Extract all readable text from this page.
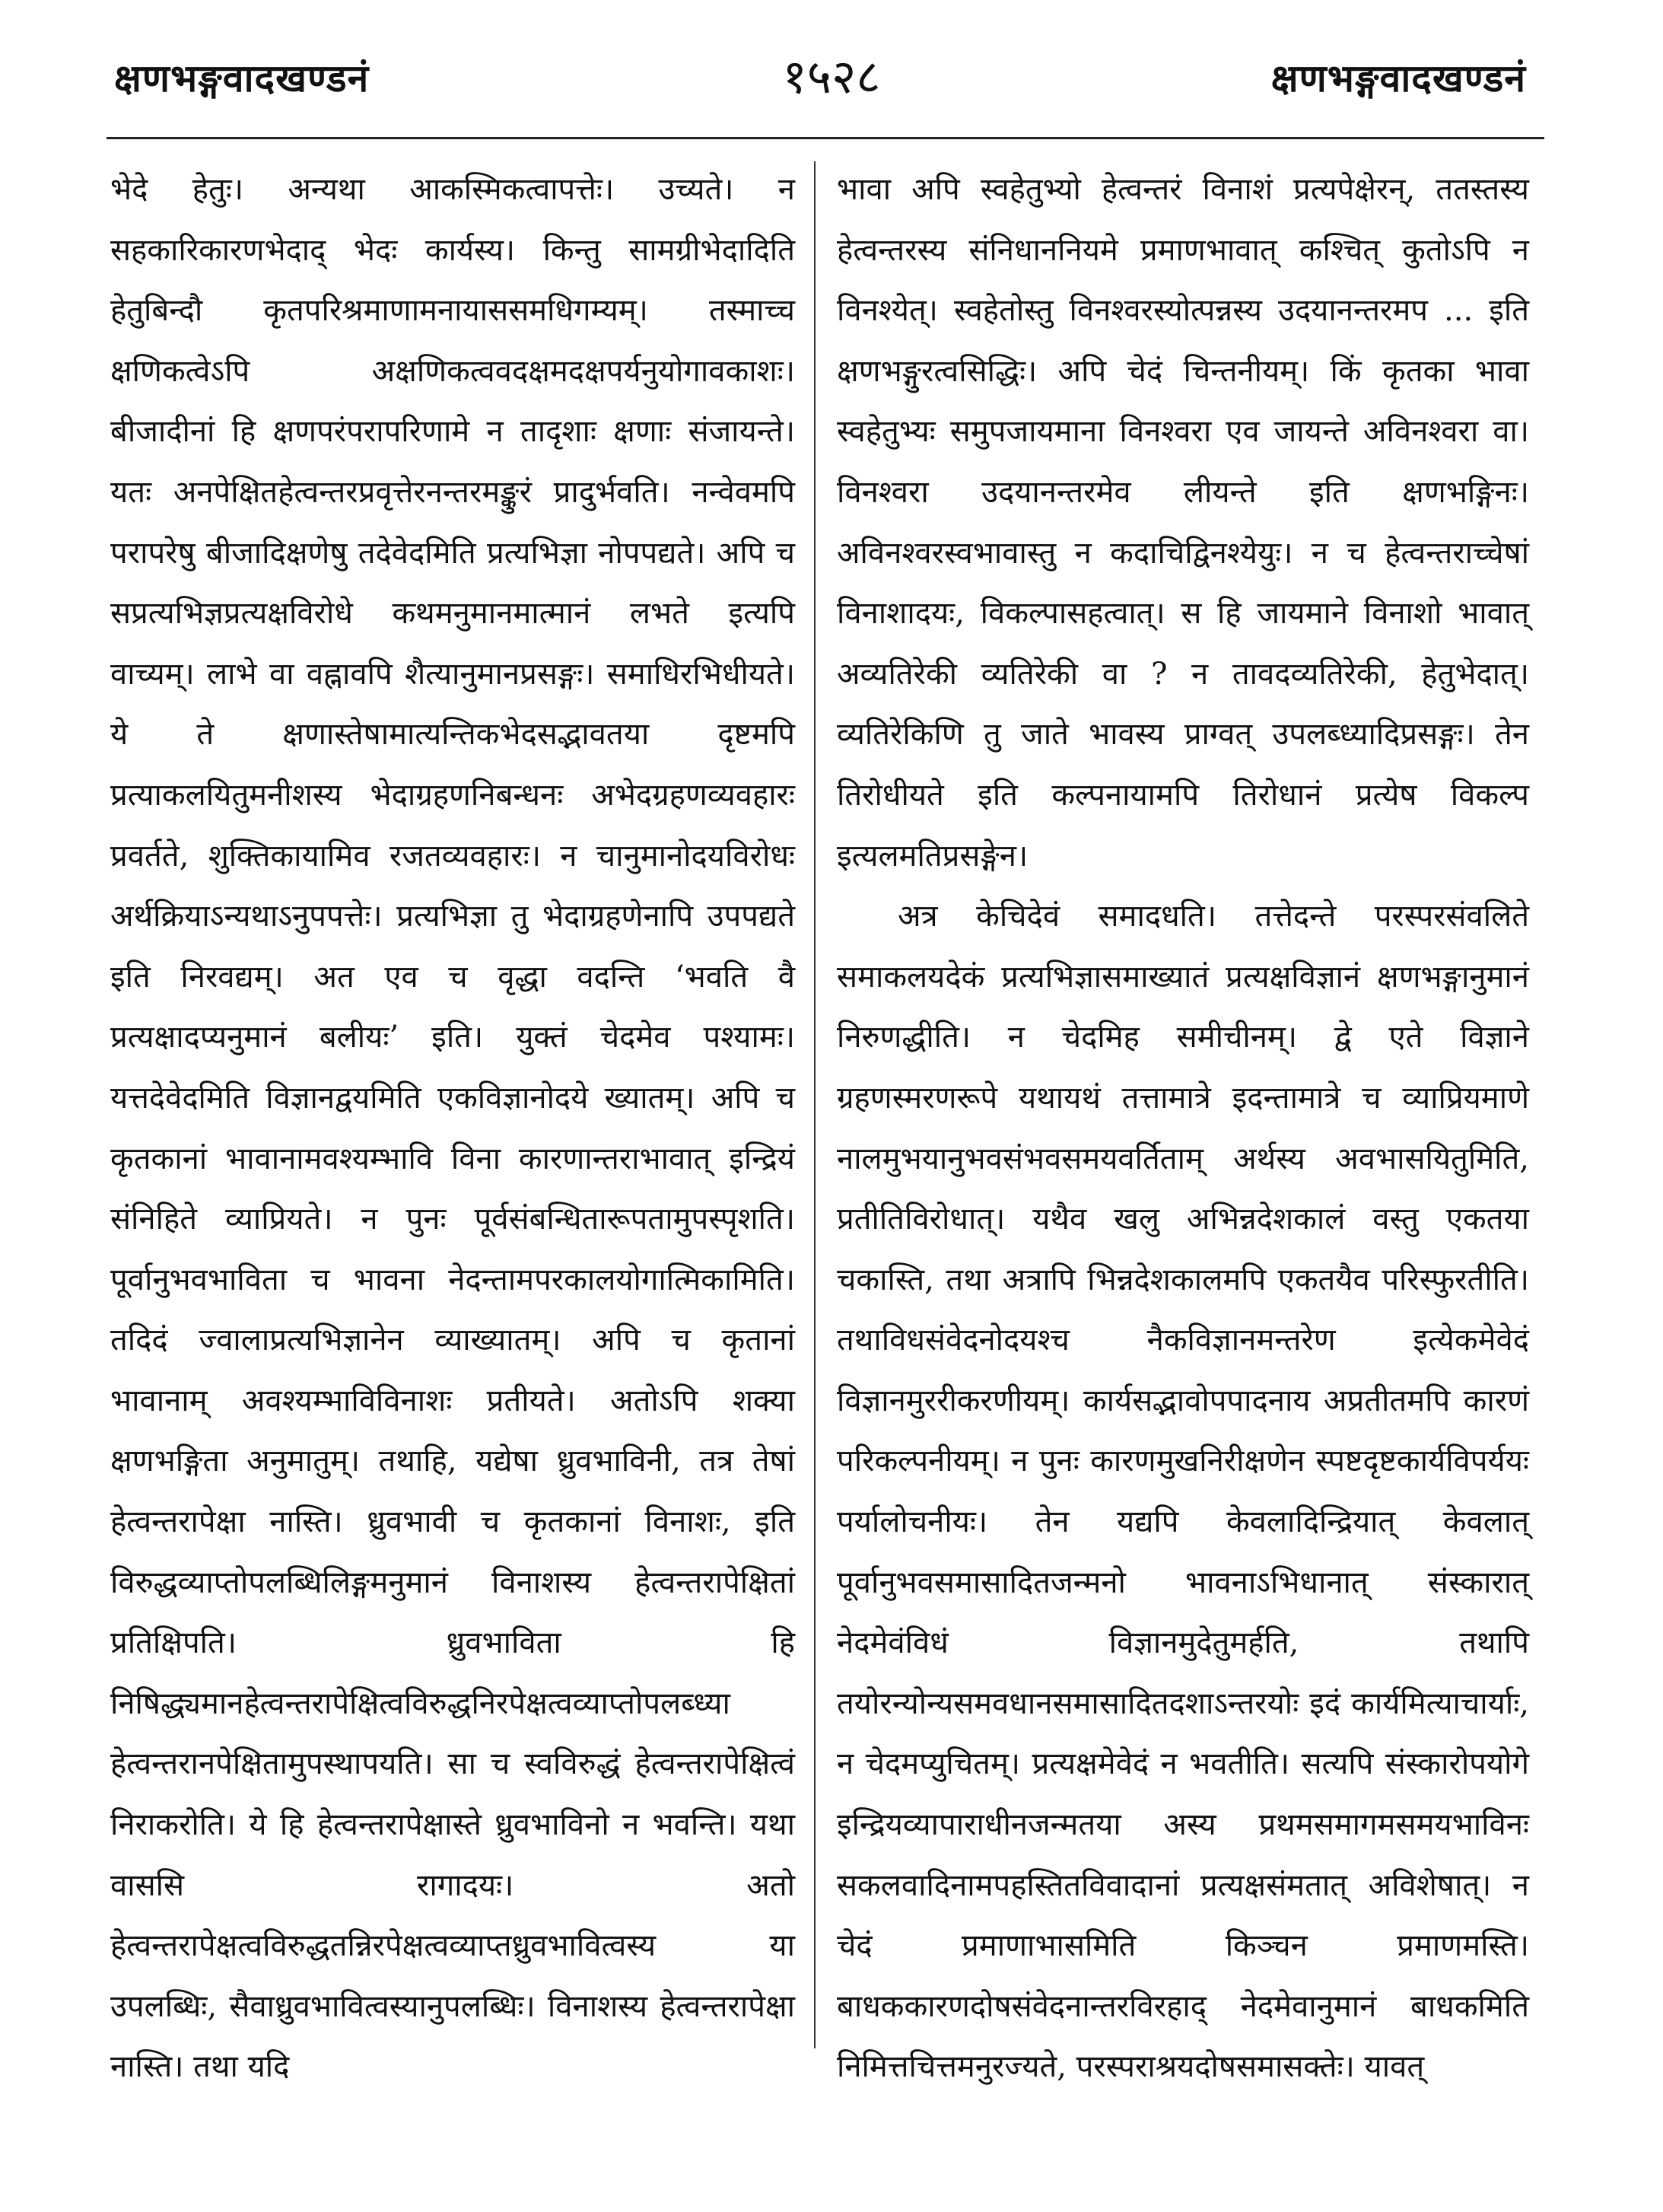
क्षणभङ्गवादखण्डनं	१५२८	क्षणभङ्गवादखण्डनं

भेदे हेतुः। अन्यथा आकस्मिकत्वापत्तेः। उच्यते। न सहकारिकारणभेदाद् भेदः कार्यस्य। किन्तु सामग्रीभेदादिति हेतुबिन्दौ कृतपरिश्रमाणामनायाससमधिगम्यम्। तस्माच्च क्षणिकत्वेऽपि अक्षणिकत्ववदक्षमदक्षपर्यनुयोगावकाशः। बीजादीनां हि क्षणपरंपरापरिणामे न तादृशाः क्षणाः संजायन्ते। यतः अनपेक्षितहेत्वन्तरप्रवृत्तेरनन्तरमङ्कुरं प्रादुर्भवति। नन्वेवमपि परापरेषु बीजादिक्षणेषु तदेवेदमिति प्रत्यभिज्ञा नोपपद्यते। अपि च सप्रत्यभिज्ञप्रत्यक्षविरोधे कथमनुमानमात्मानं लभते इत्यपि वाच्यम्। लाभे वा वह्नावपि शैत्यानुमानप्रसङ्गः। समाधिरभिधीयते। ये ते क्षणास्तेषामात्यन्तिकभेदसद्भावतया दृष्टमपि प्रत्याकलयितुमनीशस्य भेदाग्रहणनिबन्धनः अभेदग्रहणव्यवहारः प्रवर्तते, शुक्तिकायामिव रजतव्यवहारः। न चानुमानोदयविरोधः अर्थक्रियाऽन्यथाऽनुपपत्तेः। प्रत्यभिज्ञा तु भेदाग्रहणेनापि उपपद्यते इति निरवद्यम्। अत एव च वृद्धा वदन्ति ‘भवति वै प्रत्यक्षादप्यनुमानं बलीयः’ इति। युक्तं चेदमेव पश्यामः। यत्तदेवेदमिति विज्ञानद्वयमिति एकविज्ञानोदये ख्यातम्। अपि च कृतकानां भावानामवश्यम्भावि विना कारणान्तराभावात् इन्द्रियं संनिहिते व्याप्रियते। न पुनः पूर्वसंबन्धितारूपतामुपस्पृशति। पूर्वानुभवभाविता च भावना नेदन्तामपरकालयोगात्मिकामिति। तदिदं ज्वालाप्रत्यभिज्ञानेन व्याख्यातम्। अपि च कृतानां भावानाम् अवश्यम्भाविविनाशः प्रतीयते। अतोऽपि शक्या क्षणभङ्गिता अनुमातुम्। तथाहि, यद्येषा ध्रुवभाविनी, तत्र तेषां हेत्वन्तरापेक्षा नास्ति। ध्रुवभावी च कृतकानां विनाशः, इति विरुद्धव्याप्तोपलब्धिलिङ्गमनुमानं विनाशस्य हेत्वन्तरापेक्षितां प्रतिक्षिपति। ध्रुवभाविता हि निषिद्ध्यमानहेत्वन्तरापेक्षित्वविरुद्धनिरपेक्षत्वव्याप्तोपलब्ध्या हेत्वन्तरानपेक्षितामुपस्थापयति। सा च स्वविरुद्धं हेत्वन्तरापेक्षित्वं निराकरोति। ये हि हेत्वन्तरापेक्षास्ते ध्रुवभाविनो न भवन्ति। यथा वाससि रागादयः। अतो हेत्वन्तरापेक्षत्वविरुद्धतन्निरपेक्षत्वव्याप्तध्रुवभावित्वस्य या उपलब्धिः, सैवाध्रुवभावित्वस्यानुपलब्धिः। विनाशस्य हेत्वन्तरापेक्षा नास्ति। तथा यदि

भावा अपि स्वहेतुभ्यो हेत्वन्तरं विनाशं प्रत्यपेक्षेरन्, ततस्तस्य हेत्वन्तरस्य संनिधाननियमे प्रमाणभावात् कश्चित् कुतोऽपि न विनश्येत्। स्वहेतोस्तु विनश्वरस्योत्पन्नस्य उदयानन्तरमप ... इति क्षणभङ्गुरत्वसिद्धिः। अपि चेदं चिन्तनीयम्। किं कृतका भावा स्वहेतुभ्यः समुपजायमाना विनश्वरा एव जायन्ते अविनश्वरा वा। विनश्वरा उदयानन्तरमेव लीयन्ते इति क्षणभङ्गिनः। अविनश्वरस्वभावास्तु न कदाचिद्विनश्येयुः। न च हेत्वन्तराच्चेषां विनाशादयः, विकल्पासहत्वात्। स हि जायमाने विनाशो भावात् अव्यतिरेकी व्यतिरेकी वा ? न तावदव्यतिरेकी, हेतुभेदात्। व्यतिरेकिणि तु जाते भावस्य प्राग्वत् उपलब्ध्यादिप्रसङ्गः। तेन तिरोधीयते इति कल्पनायामपि तिरोधानं प्रत्येष विकल्प इत्यलमतिप्रसङ्गेन।

अत्र केचिदेवं समादधति। तत्तेदन्ते परस्परसंवलिते समाकलयदेकं प्रत्यभिज्ञासमाख्यातं प्रत्यक्षविज्ञानं क्षणभङ्गानुमानं निरुणद्धीति। न चेदमिह समीचीनम्। द्वे एते विज्ञाने ग्रहणस्मरणरूपे यथायथं तत्तामात्रे इदन्तामात्रे च व्याप्रियमाणे नालमुभयानुभवसंभवसमयवर्तिताम् अर्थस्य अवभासयितुमिति, प्रतीतिविरोधात्। यथैव खलु अभिन्नदेशकालं वस्तु एकतया चकास्ति, तथा अत्रापि भिन्नदेशकालमपि एकतयैव परिस्फुरतीति। तथाविधसंवेदनोदयश्च नैकविज्ञानमन्तरेण इत्येकमेवेदं विज्ञानमुररीकरणीयम्। कार्यसद्भावोपपादनाय अप्रतीतमपि कारणं परिकल्पनीयम्। न पुनः कारणमुखनिरीक्षणेन स्पष्टदृष्टकार्यविपर्ययः पर्यालोचनीयः। तेन यद्यपि केवलादिन्द्रियात् केवलात् पूर्वानुभवसमासादितजन्मनो भावनाऽभिधानात् संस्कारात् नेदमेवंविधं विज्ञानमुदेतुमर्हति, तथापि तयोरन्योन्यसमवधानसमासादितदशाऽन्तरयोः इदं कार्यमित्याचार्याः, न चेदमप्युचितम्। प्रत्यक्षमेवेदं न भवतीति। सत्यपि संस्कारोपयोगे इन्द्रियव्यापाराधीनजन्मतया अस्य प्रथमसमागमसमयभाविनः सकलवादिनामपहस्तितविवादानां प्रत्यक्षसंमतात् अविशेषात्। न चेदं प्रमाणाभासमिति किञ्चन प्रमाणमस्ति। बाधककारणदोषसंवेदनान्तरविरहाद् नेदमेवानुमानं बाधकमिति निमित्तचित्तमनुरज्यते, परस्पराश्रयदोषसमासक्तेः। यावत्
